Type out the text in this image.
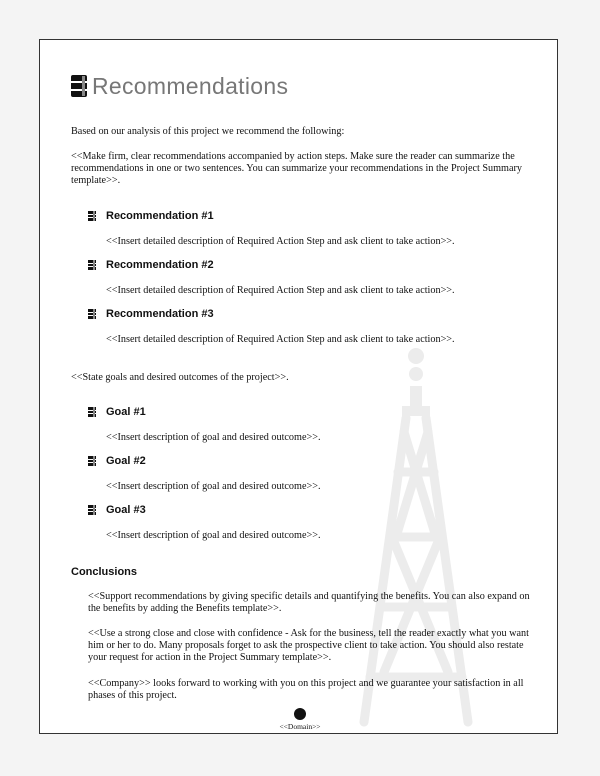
Recommendations
Based on our analysis of this project we recommend the following:
<<Make firm, clear recommendations accompanied by action steps. Make sure the reader can summarize the recommendations in one or two sentences. You can summarize your recommendations in the Project Summary template>>.
Recommendation #1
<<Insert detailed description of Required Action Step and ask client to take action>>.
Recommendation #2
<<Insert detailed description of Required Action Step and ask client to take action>>.
Recommendation #3
<<Insert detailed description of Required Action Step and ask client to take action>>.
<<State goals and desired outcomes of the project>>.
Goal #1
<<Insert description of goal and desired outcome>>.
Goal #2
<<Insert description of goal and desired outcome>>.
Goal #3
<<Insert description of goal and desired outcome>>.
Conclusions
<<Support recommendations by giving specific details and quantifying the benefits. You can also expand on the benefits by adding the Benefits template>>.
<<Use a strong close and close with confidence - Ask for the business, tell the reader exactly what you want him or her to do. Many proposals forget to ask the prospective client to take action. You should also restate your request for action in the Project Summary template>>.
<<Company>> looks forward to working with you on this project and we guarantee your satisfaction in all phases of this project.
<<Domain>>
